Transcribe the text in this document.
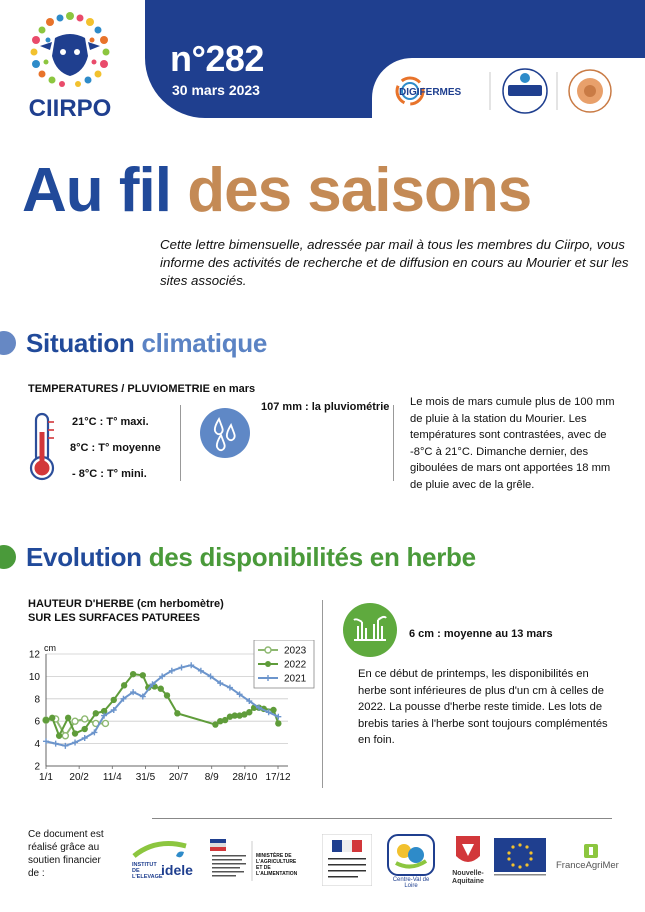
CIIRPO
n°282
30 mars 2023	DIGIFERMES
Au fil des saisons
Cette lettre bimensuelle, adressée par mail à tous les membres du Ciirpo, vous informe des activités de recherche et de diffusion en cours au Mourier et sur les sites associés.
Situation climatique
TEMPERATURES / PLUVIOMETRIE en mars
21°C : T° maxi.
8°C : T° moyenne
- 8°C : T° mini.
107 mm : la pluviométrie Le mois de mars cumule plus de 100 mm de pluie à la station du Mourier. Les températures sont contrastées, avec de -8°C à 21°C. Dimanche dernier, des giboulées de mars ont apportées 18 mm de pluie avec de la grêle.
Evolution des disponibilités en herbe
HAUTEUR D'HERBE (cm herbomètre)
SUR LES SURFACES PATUREES
2
4
6
8
10
12
cm
1/1 20/2 11/4 31/5 20/7 8/9 28/10 17/12
2023
2022
2021
6 cm : moyenne au 13 mars
En ce début de printemps, les disponibilités en herbe sont inférieures de plus d'un cm à celles de 2022. La pousse d'herbe reste timide. Les lots de brebis taries à l'herbe sont toujours complémentés en foin.
Ce document est réalisé grâce au soutien financier de :
INSTITUT DE L'ELEVAGE
idele
MINISTÈRE DE L'AGRICULTURE ET DE L'ALIMENTATION
Centre-Val de Loire
Nouvelle-Aquitaine
FranceAgriMer
